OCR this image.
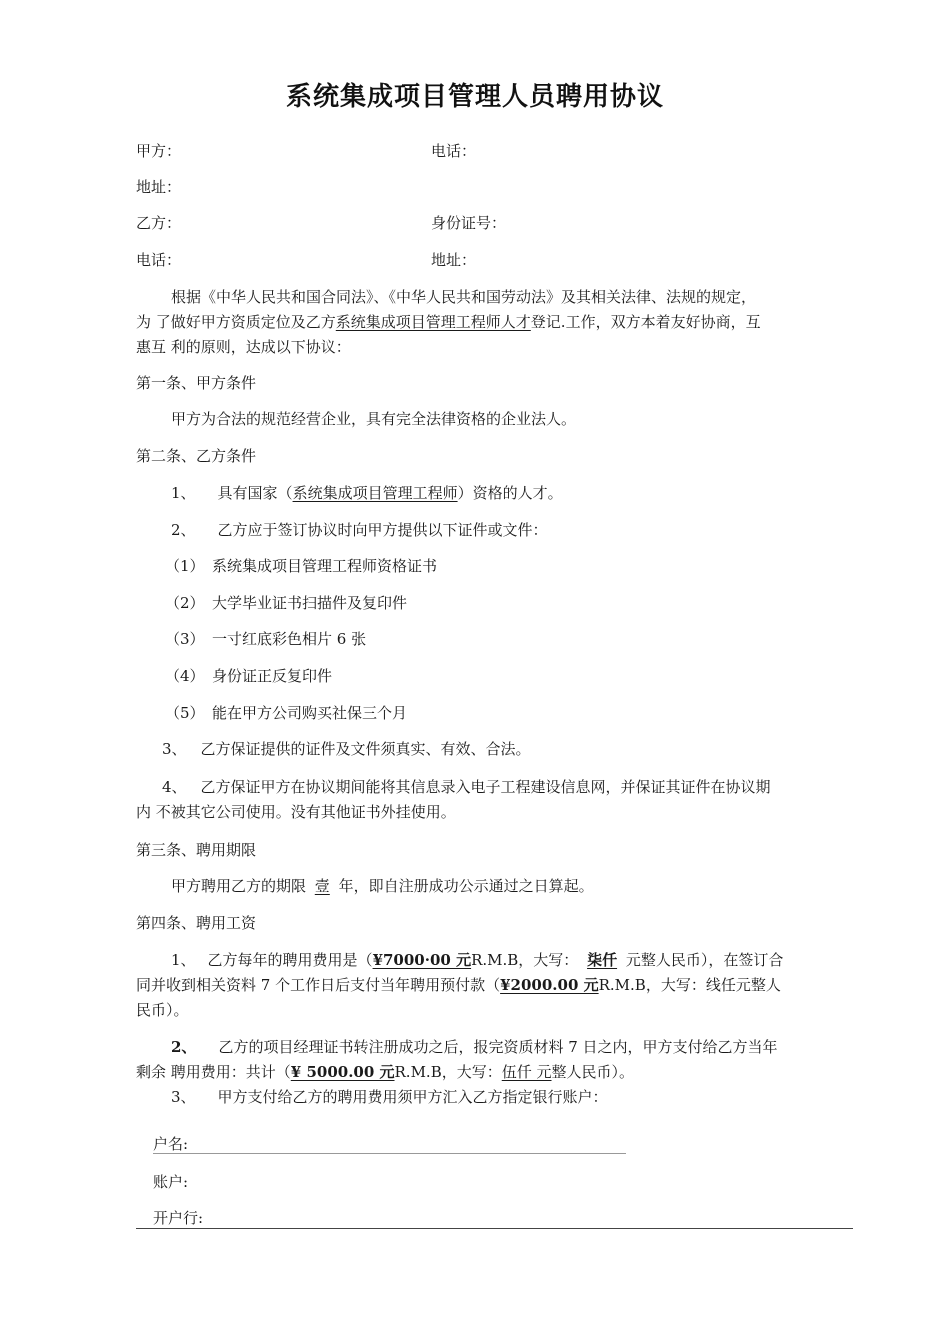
系统集成项目管理人员聘用协议
甲方：	电话：
地址：
乙方：	身份证号：
电话：	地址：
根据《中华人民共和国合同法》、《中华人民共和国劳动法》及其相关法律、法规的规定，
为 了做好甲方资质定位及乙方系统集成项目管理工程师人才登记.工作，双方本着友好协商，互
惠互 利的原则，达成以下协议：
第一条、甲方条件
甲方为合法的规范经营企业，具有完全法律资格的企业法人。
第二条、乙方条件
1、 具有国家（系统集成项目管理工程师）资格的人才。
2、 乙方应于签订协议时向甲方提供以下证件或文件：
（1） 系统集成项目管理工程师资格证书
（2） 大学毕业证书扫描件及复印件
（3） 一寸红底彩色相片 6 张
（4） 身份证正反复印件
（5） 能在甲方公司购买社保三个月
3、 乙方保证提供的证件及文件须真实、有效、合法。
4、 乙方保证甲方在协议期间能将其信息录入电子工程建设信息网，并保证其证件在协议期
内 不被其它公司使用。没有其他证书外挂使用。
第三条、聘用期限
甲方聘用乙方的期限 壹 年，即自注册成功公示通过之日算起。
第四条、聘用工资
1、 乙方每年的聘用费用是（¥7000·00 元R.M.B，大写： 柒仟 元整人民币），在签订合
同并收到相关资料 7 个工作日后支付当年聘用预付款（¥2000.00 元R.M.B，大写：线任元整人
民币）。
2、 乙方的项目经理证书转注册成功之后，报完资质材料 7 日之内，甲方支付给乙方当年
剩余 聘用费用：共计（¥ 5000.00 元R.M.B，大写：伍仟 元整人民币）。
3、 甲方支付给乙方的聘用费用须甲方汇入乙方指定银行账户：
户名:
账户:
开户行:
